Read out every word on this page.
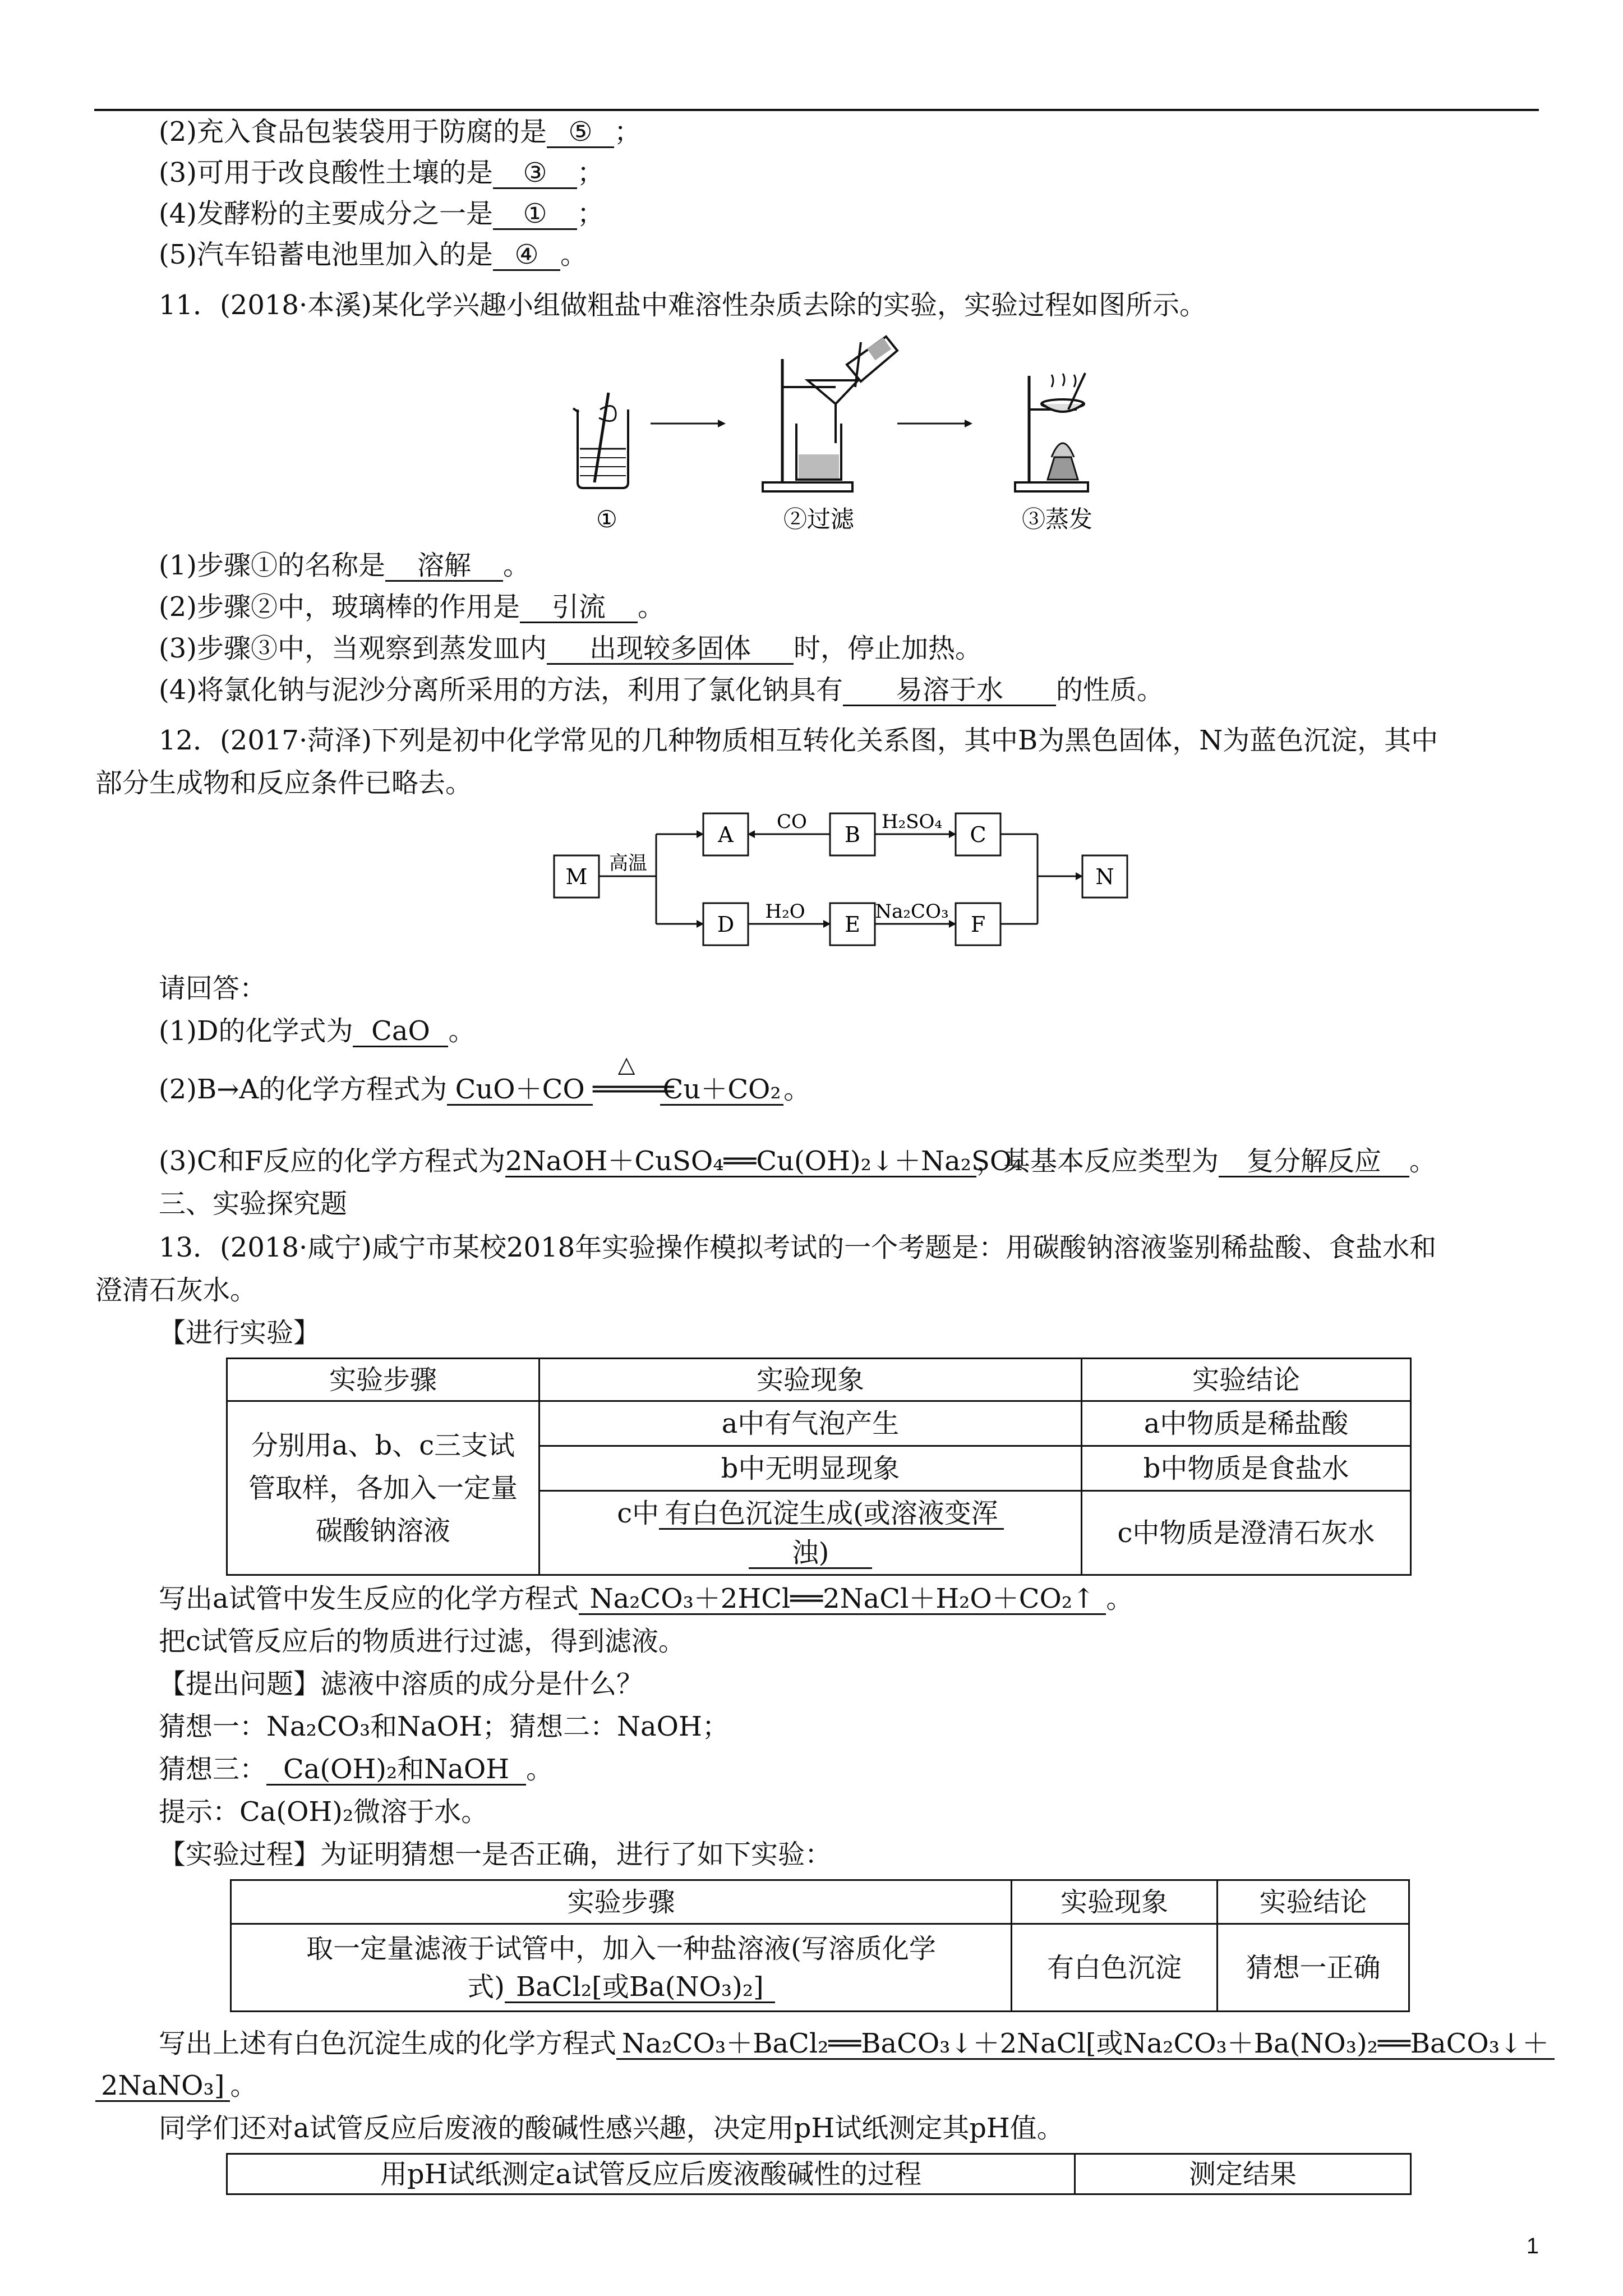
(2)充入食品包装袋用于防腐的是 ⑤ ；
(3)可用于改良酸性土壤的是 ③ ；
(4)发酵粉的主要成分之一是 ① ；
(5)汽车铅蓄电池里加入的是 ④ 。
11．(2018·本溪)某化学兴趣小组做粗盐中难溶性杂质去除的实验，实验过程如图所示。
①	②过滤	③蒸发
(1)步骤①的名称是 溶解 。
(2)步骤②中，玻璃棒的作用是 引流 。
(3)步骤③中，当观察到蒸发皿内 出现较多固体 时，停止加热。
(4)将氯化钠与泥沙分离所采用的方法，利用了氯化钠具有 易溶于水 的性质。
12．(2017·菏泽)下列是初中化学常见的几种物质相互转化关系图，其中B为黑色固体，N为蓝色沉淀，其中
部分生成物和反应条件已略去。
M
A	B	C
D	E	F
N
高温
CO	H₂SO₄
H₂O	Na₂CO₃
请回答：
(1)D的化学式为 CaO 。
(2)B→A的化学方程式为 CuO＋CO
△
═════Cu＋CO₂。
(3)C和F反应的化学方程式为2NaOH＋CuSO₄══Cu(OH)₂↓＋Na₂SO₄，其基本反应类型为 复分解反应 。
三、实验探究题
13．(2018·咸宁)咸宁市某校2018年实验操作模拟考试的一个考题是：用碳酸钠溶液鉴别稀盐酸、食盐水和
澄清石灰水。
【进行实验】
实验步骤	实验现象	实验结论

分别用a、b、c三支试
管取样，各加入一定量
碳酸钠溶液	a中有气泡产生	a中物质是稀盐酸
	b中无明显现象	b中物质是食盐水

	c中 有白色沉淀生成(或溶液变浑
浊)	c中物质是澄清石灰水
写出a试管中发生反应的化学方程式 Na₂CO₃＋2HCl══2NaCl＋H₂O＋CO₂↑ 。
把c试管反应后的物质进行过滤，得到滤液。
【提出问题】滤液中溶质的成分是什么？
猜想一：Na₂CO₃和NaOH；猜想二：NaOH；
猜想三： Ca(OH)₂和NaOH 。
提示：Ca(OH)₂微溶于水。
【实验过程】为证明猜想一是否正确，进行了如下实验：
实验步骤	实验现象	实验结论

取一定量滤液于试管中，加入一种盐溶液(写溶质化学
式) BaCl₂[或Ba(NO₃)₂]	有白色沉淀	猜想一正确
写出上述有白色沉淀生成的化学方程式 Na₂CO₃＋BaCl₂══BaCO₃↓＋2NaCl[或Na₂CO₃＋Ba(NO₃)₂══BaCO₃↓＋
2NaNO₃] 。
同学们还对a试管反应后废液的酸碱性感兴趣，决定用pH试纸测定其pH值。
用pH试纸测定a试管反应后废液酸碱性的过程	测定结果
1
